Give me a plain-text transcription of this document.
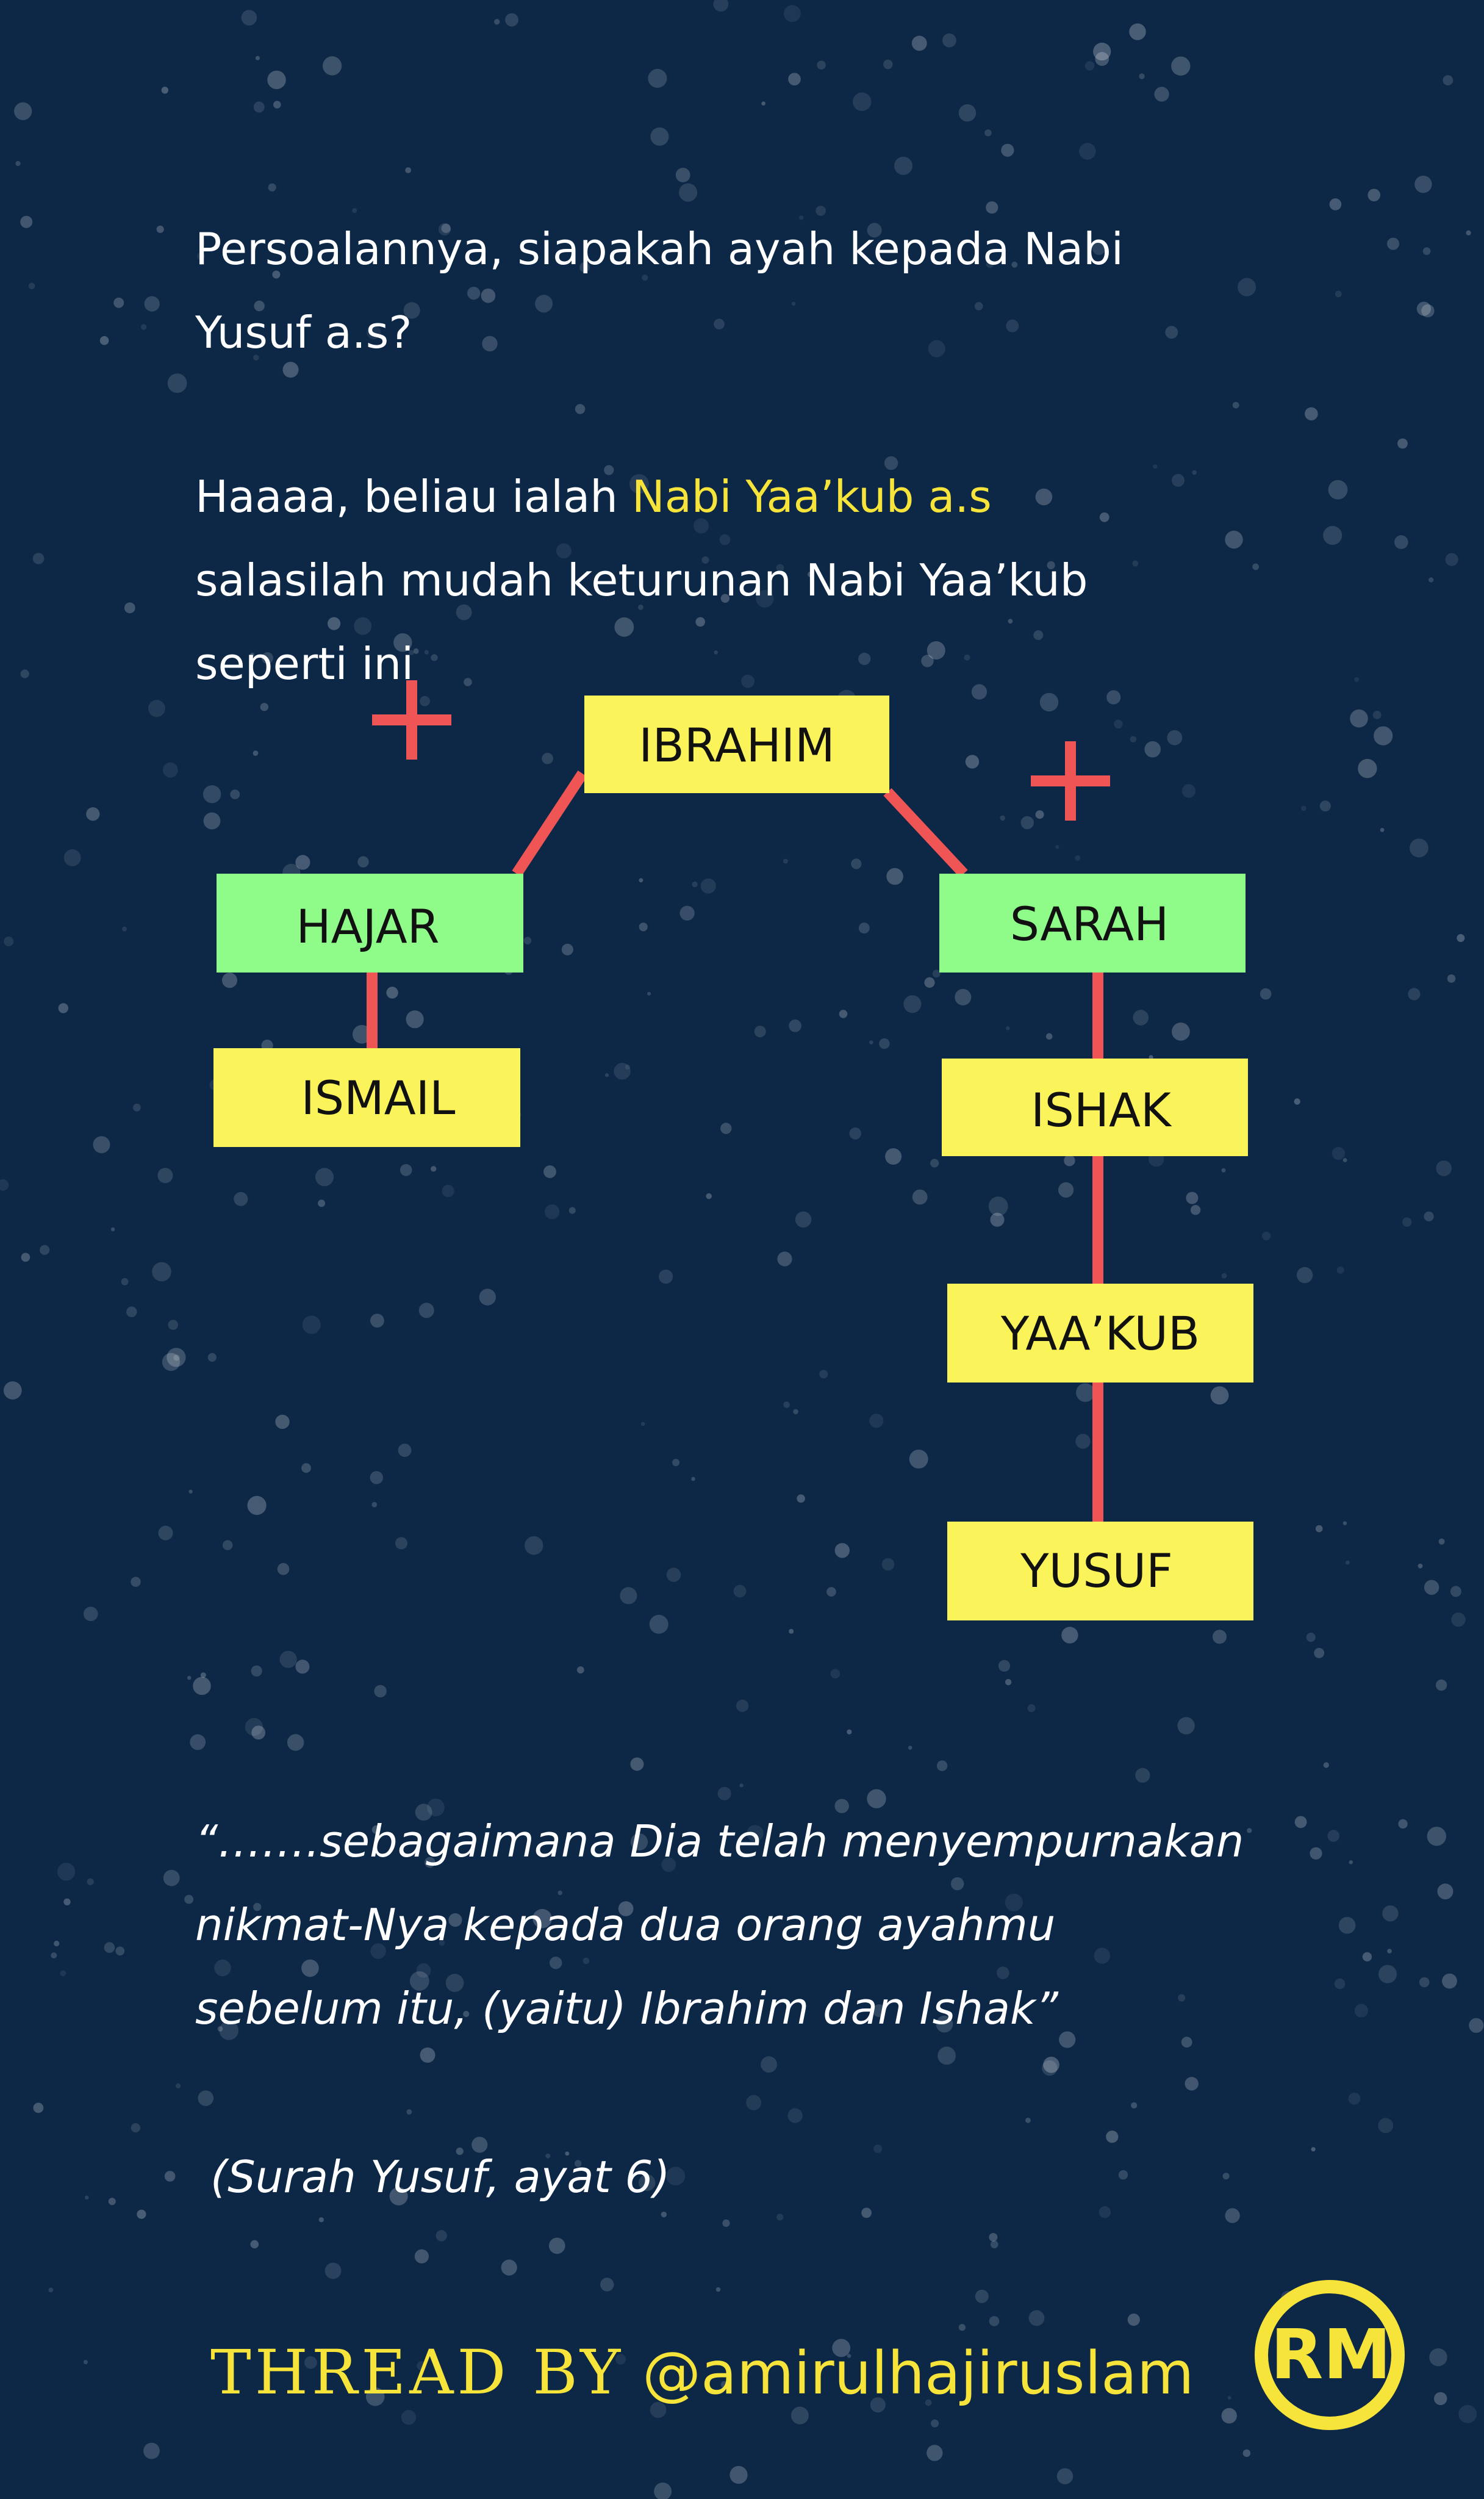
Persoalannya, siapakah ayah kepada Nabi
Yusuf a.s?

Haaaa, beliau ialah Nabi Yaa’kub a.s
salasilah mudah keturunan Nabi Yaa’kub
seperti ini

IBRAHIM
HAJAR	SARAH
ISMAIL	ISHAK
YAA’KUB
YUSUF

“…….sebagaimana Dia telah menyempurnakan
nikmat-Nya kepada dua orang ayahmu
sebelum itu, (yaitu) Ibrahim dan Ishak”

(Surah Yusuf, ayat 6)

THREAD BY @amirulhajiruslam RM
